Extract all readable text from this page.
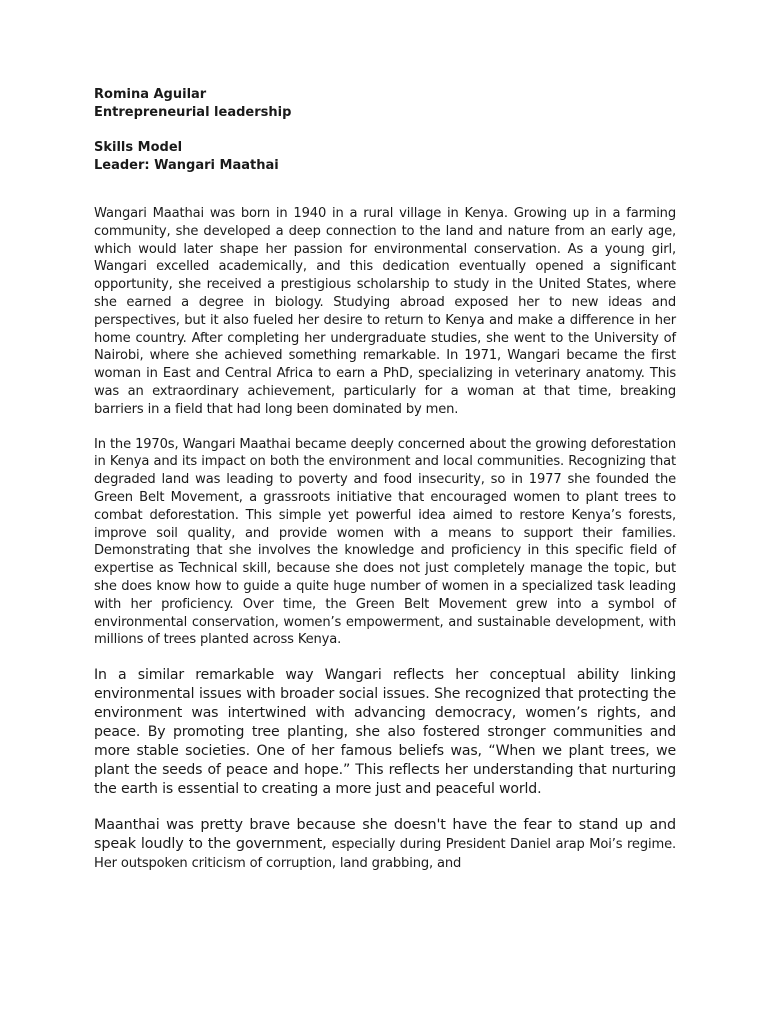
Romina Aguilar
Entrepreneurial leadership
Skills Model
Leader: Wangari Maathai

Wangari Maathai was born in 1940 in a rural village in Kenya. Growing up in a farming community, she developed a deep connection to the land and nature from an early age, which would later shape her passion for environmental conservation. As a young girl, Wangari excelled academically, and this dedication eventually opened a significant opportunity, she received a prestigious scholarship to study in the United States, where she earned a degree in biology. Studying abroad exposed her to new ideas and perspectives, but it also fueled her desire to return to Kenya and make a difference in her home country. After completing her undergraduate studies, she went to the University of Nairobi, where she achieved something remarkable. In 1971, Wangari became the first woman in East and Central Africa to earn a PhD, specializing in veterinary anatomy. This was an extraordinary achievement, particularly for a woman at that time, breaking barriers in a field that had long been dominated by men.

In the 1970s, Wangari Maathai became deeply concerned about the growing deforestation in Kenya and its impact on both the environment and local communities. Recognizing that degraded land was leading to poverty and food insecurity, so in 1977 she founded the Green Belt Movement, a grassroots initiative that encouraged women to plant trees to combat deforestation. This simple yet powerful idea aimed to restore Kenya’s forests, improve soil quality, and provide women with a means to support their families. Demonstrating that she involves the knowledge and proficiency in this specific field of expertise as Technical skill, because she does not just completely manage the topic, but she does know how to guide a quite huge number of women in a specialized task leading with her proficiency. Over time, the Green Belt Movement grew into a symbol of environmental conservation, women’s empowerment, and sustainable development, with millions of trees planted across Kenya.

In a similar remarkable way Wangari reflects her conceptual ability linking environmental issues with broader social issues. She recognized that protecting the environment was intertwined with advancing democracy, women’s rights, and peace. By promoting tree planting, she also fostered stronger communities and more stable societies. One of her famous beliefs was, “When we plant trees, we plant the seeds of peace and hope.” This reflects her understanding that nurturing the earth is essential to creating a more just and peaceful world.

Maanthai was pretty brave because she doesn't have the fear to stand up and speak loudly to the government, especially during President Daniel arap Moi’s regime. Her outspoken criticism of corruption, land grabbing, and
